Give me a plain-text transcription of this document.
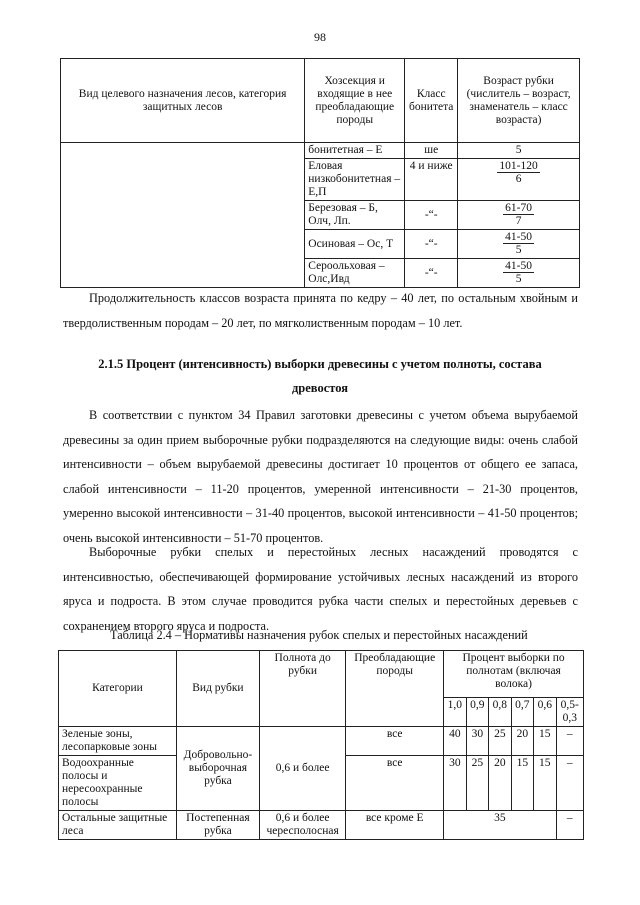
98
Вид целевого назначения лесов, категория защитных лесов	Хозсекция и входящие в нее преобладающие породы	Класс бонитета	Возраст рубки (числитель – возраст, знаменатель – класс возраста)
	бонитетная – Е	ше	5
	Еловая низкобонитетная – Е,П	4 и ниже	$\frac{101-120}{6}$

	Березовая – Б, Олч, Лп.	-“-	$\frac{61-70}{7}$

	Осиновая – Ос, Т	-“-	$\frac{41-50}{5}$

	Сероольховая – Олс,Ивд	-“-	$\frac{41-50}{5}$

Продолжительность классов возраста принята по кедру – 40 лет, по остальным хвойным и твердолиственным породам – 20 лет, по мягколиственным породам – 10 лет.

2.1.5 Процент (интенсивность) выборки древесины с учетом полноты, состава древостоя

В соответствии с пунктом 34 Правил заготовки древесины с учетом объема вырубаемой древесины за один прием выборочные рубки подразделяются на следующие виды: очень слабой интенсивности – объем вырубаемой древесины достигает 10 процентов от общего ее запаса, слабой интенсивности – 11-20 процентов, умеренной интенсивности – 21-30 процентов, умеренно высокой интенсивности – 31-40 процентов, высокой интенсивности – 41-50 процентов; очень высокой интенсивности – 51-70 процентов.

Выборочные рубки спелых и перестойных лесных насаждений проводятся с интенсивностью, обеспечивающей формирование устойчивых лесных насаждений из второго яруса и подроста. В этом случае проводится рубка части спелых и перестойных деревьев с сохранением второго яруса и подроста.

Таблица 2.4 – Нормативы назначения рубок спелых и перестойных насаждений
Категории	Вид рубки	Полнота до рубки	Преобладающие породы	Процент выборки по полнотам (включая волока)					
				1,0	0,9	0,8	0,7	0,6	0,5-0,3
Зеленые зоны, лесопарковые зоны	Добровольно-выборочная рубка	0,6 и более	все	40	30	25	20	15	–
Водоохранные полосы и нересоохранные полосы			все	30	25	20	15	15	–
Остальные защитные леса	Постепенная рубка	0,6 и более чересполосная	все кроме Е	35					–
